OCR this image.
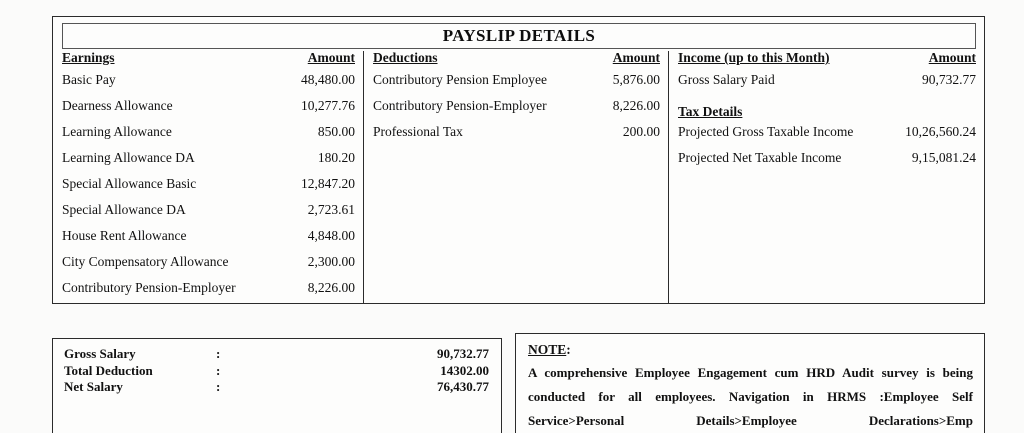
PAYSLIP DETAILS
Earnings	Amount
Basic Pay	48,480.00
Dearness Allowance	10,277.76
Learning Allowance	850.00
Learning Allowance DA	180.20
Special Allowance Basic	12,847.20
Special Allowance DA	2,723.61
House Rent Allowance	4,848.00
City Compensatory Allowance	2,300.00
Contributory Pension-Employer	8,226.00
Deductions	Amount
Contributory Pension Employee	5,876.00
Contributory Pension-Employer	8,226.00
Professional Tax	200.00
Income (up to this Month)	Amount
Gross Salary Paid	90,732.77
Tax Details
Projected Gross Taxable Income	10,26,560.24
Projected Net Taxable Income	9,15,081.24
Gross Salary	:	90,732.77
Total Deduction	:	14302.00
Net Salary	:	76,430.77
NOTE:
A comprehensive Employee Engagement cum HRD Audit survey is being conducted for all employees. Navigation in HRMS :Employee Self Service>Personal Details>Employee Declarations>Emp
